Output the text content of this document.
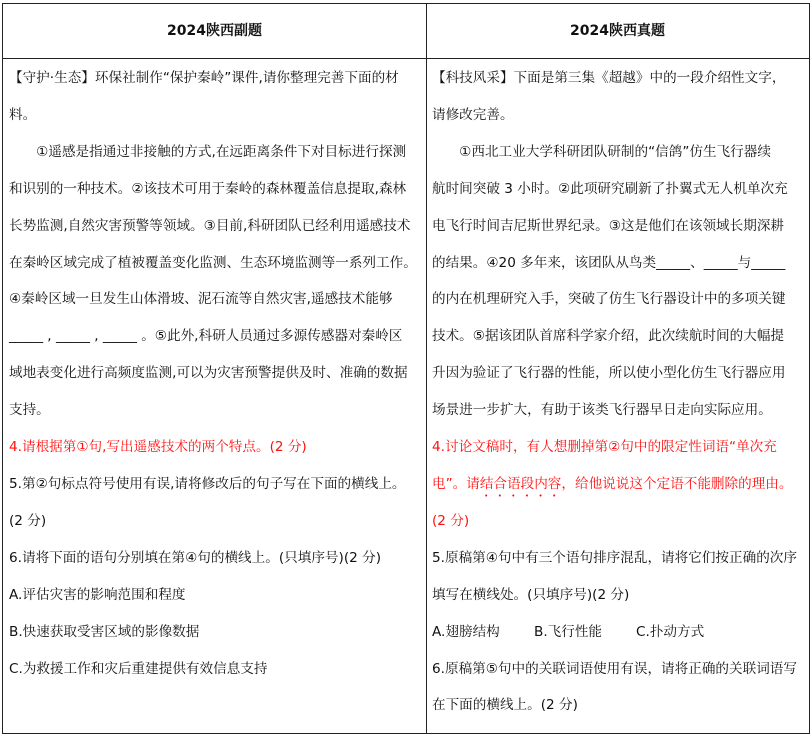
2024陕西副题	2024陕西真题
【守护·生态】环保社制作“保护秦岭”课件,请你整理完善下面的材
料。
　　①遥感是指通过非接触的方式,在远距离条件下对目标进行探测
和识别的一种技术。②该技术可用于秦岭的森林覆盖信息提取,森林
长势监测,自然灾害预警等领域。③目前,科研团队已经利用遥感技术
在秦岭区域完成了植被覆盖变化监测、生态环境监测等一系列工作。
④秦岭区域一旦发生山体滑坡、泥石流等自然灾害,遥感技术能够
_____ , _____ , _____ 。⑤此外,科研人员通过多源传感器对秦岭区
域地表变化进行高频度监测,可以为灾害预警提供及时、准确的数据
支持。
4.请根据第①句,写出遥感技术的两个特点。(2 分)
5.第②句标点符号使用有误,请将修改后的句子写在下面的横线上。
(2 分)
6.请将下面的语句分别填在第④句的横线上。(只填序号)(2 分)
A.评估灾害的影响范围和程度
B.快速获取受害区域的影像数据
C.为救援工作和灾后重建提供有效信息支持
【科技风采】下面是第三集《超越》中的一段介绍性文字，
请修改完善。
　　①西北工业大学科研团队研制的“信鸽”仿生飞行器续
航时间突破 3 小时。②此项研究刷新了扑翼式无人机单次充
电飞行时间吉尼斯世界纪录。③这是他们在该领域长期深耕
的结果。④20 多年来，该团队从鸟类_____、_____与_____
的内在机理研究入手，突破了仿生飞行器设计中的多项关键
技术。⑤据该团队首席科学家介绍，此次续航时间的大幅提
升因为验证了飞行器的性能，所以使小型化仿生飞行器应用
场景进一步扩大，有助于该类飞行器早日走向实际应用。
4.讨论文稿时，有人想删掉第②句中的限定性词语“单次充
电”。请结合语段内容，给他说说这个定语不能删除的理由。
(2 分)
5.原稿第④句中有三个语句排序混乱，请将它们按正确的次序
填写在横线处。(只填序号)(2 分)
A.翅膀结构	B.飞行性能 C.扑动方式
6.原稿第⑤句中的关联词语使用有误，请将正确的关联词语写
在下面的横线上。(2 分)
